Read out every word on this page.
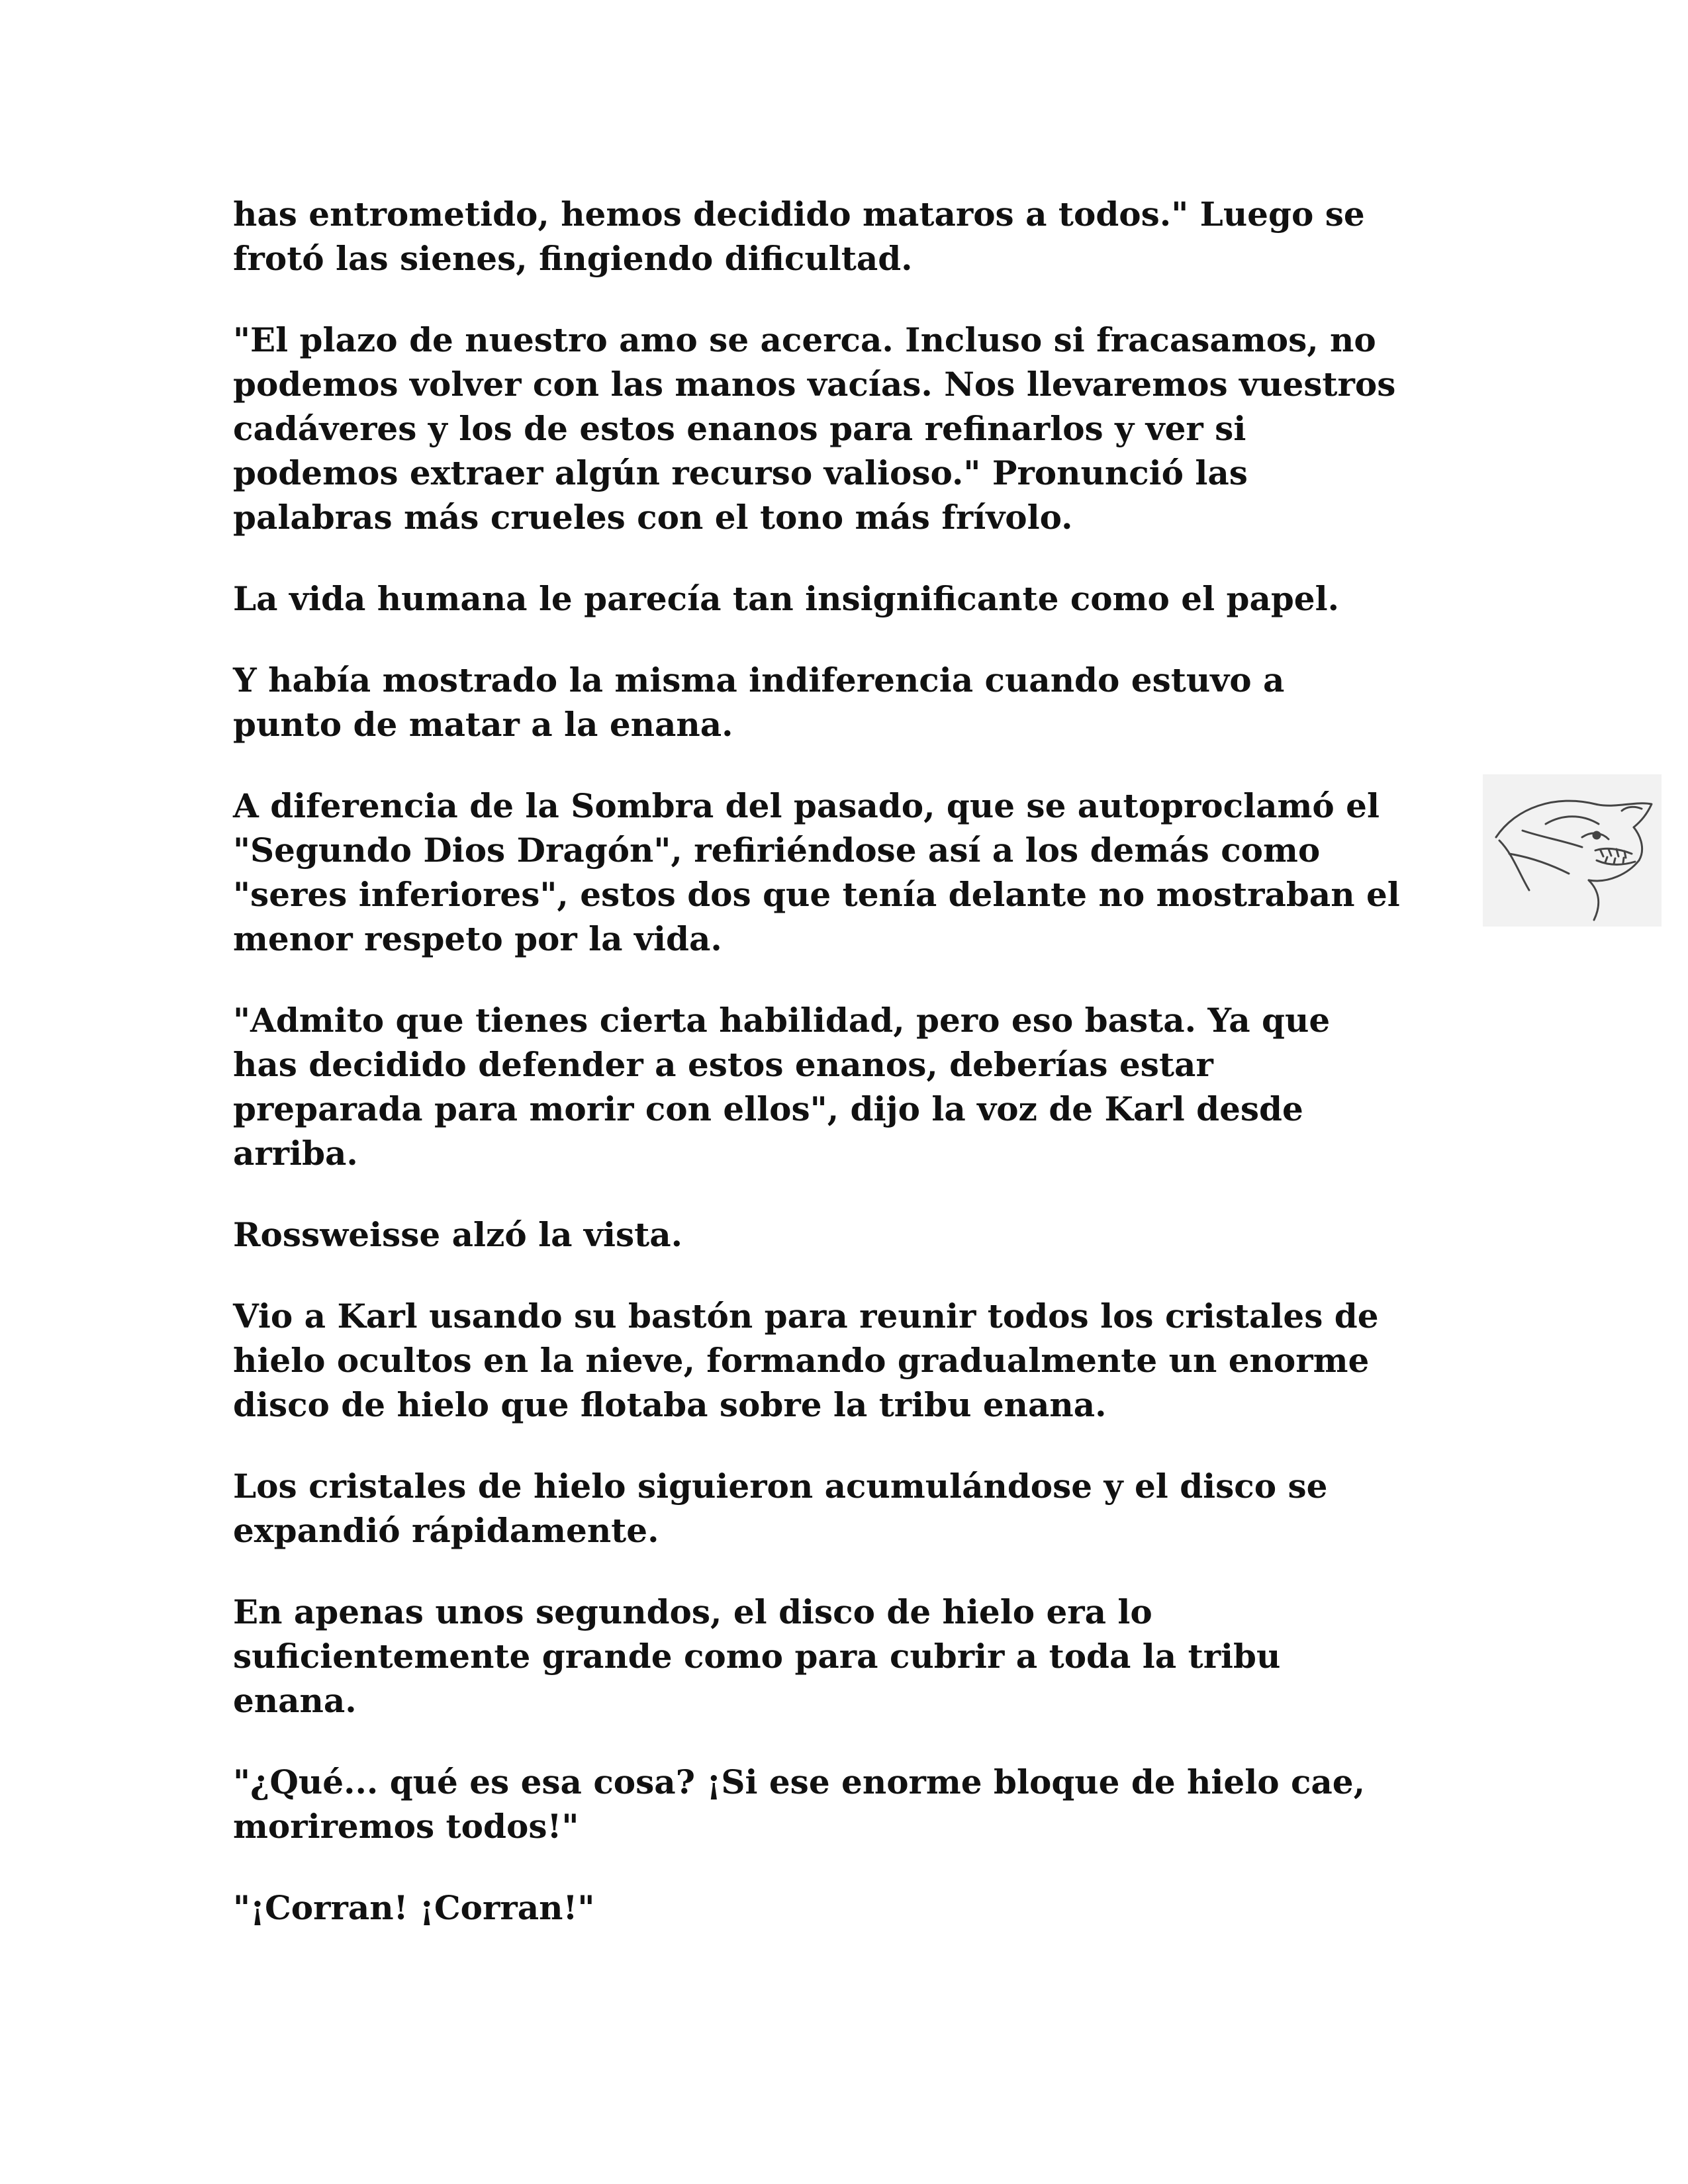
has entrometido, hemos decidido mataros a todos." Luego se
frotó las sienes, fingiendo dificultad.

"El plazo de nuestro amo se acerca. Incluso si fracasamos, no
podemos volver con las manos vacías. Nos llevaremos vuestros
cadáveres y los de estos enanos para refinarlos y ver si
podemos extraer algún recurso valioso." Pronunció las
palabras más crueles con el tono más frívolo.

La vida humana le parecía tan insignificante como el papel.

Y había mostrado la misma indiferencia cuando estuvo a
punto de matar a la enana.

A diferencia de la Sombra del pasado, que se autoproclamó el
"Segundo Dios Dragón", refiriéndose así a los demás como
"seres inferiores", estos dos que tenía delante no mostraban el
menor respeto por la vida.

"Admito que tienes cierta habilidad, pero eso basta. Ya que
has decidido defender a estos enanos, deberías estar
preparada para morir con ellos", dijo la voz de Karl desde
arriba.

Rossweisse alzó la vista.

Vio a Karl usando su bastón para reunir todos los cristales de
hielo ocultos en la nieve, formando gradualmente un enorme
disco de hielo que flotaba sobre la tribu enana.

Los cristales de hielo siguieron acumulándose y el disco se
expandió rápidamente.

En apenas unos segundos, el disco de hielo era lo
suficientemente grande como para cubrir a toda la tribu
enana.

"¿Qué... qué es esa cosa? ¡Si ese enorme bloque de hielo cae,
moriremos todos!"

"¡Corran! ¡Corran!"
